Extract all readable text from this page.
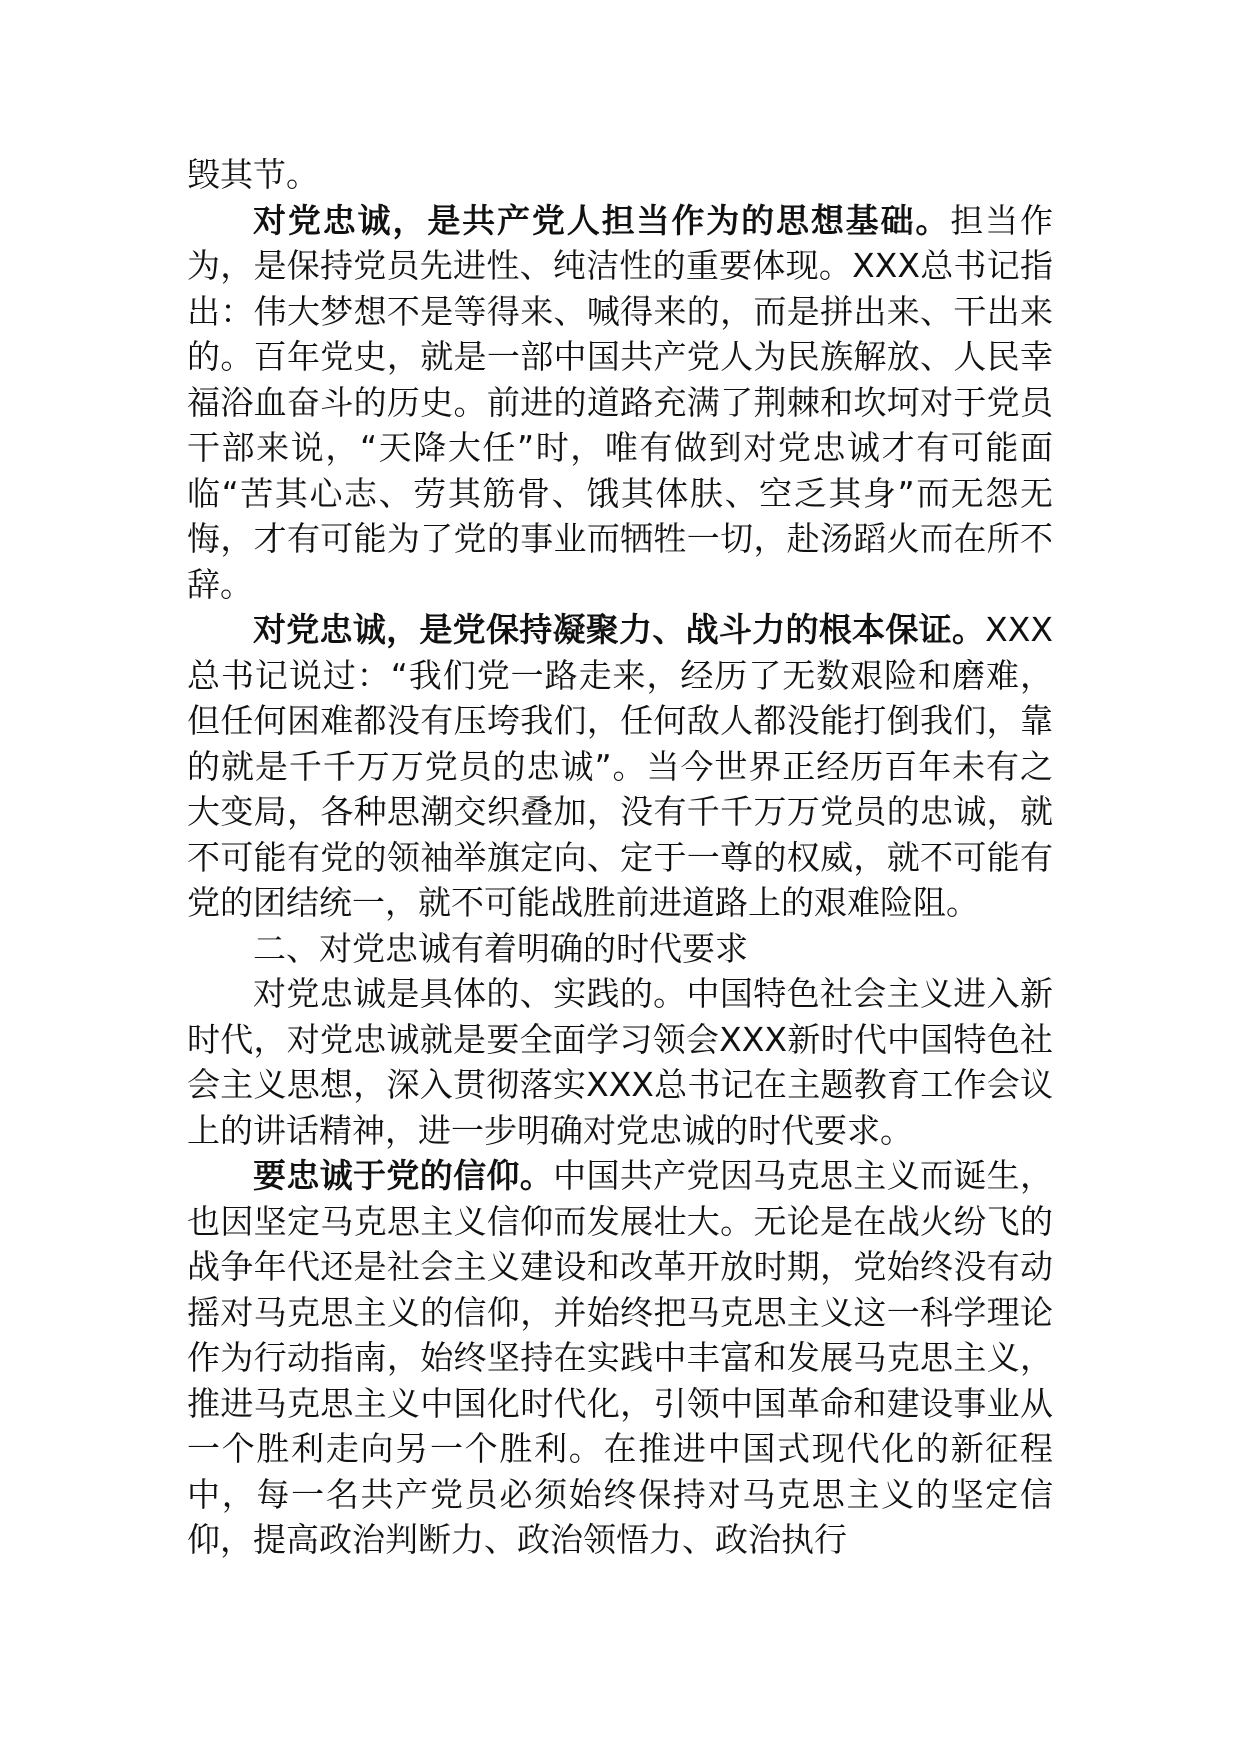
毁其节。

对党忠诚，是共产党人担当作为的思想基础。担当作为，是保持党员先进性、纯洁性的重要体现。XXX总书记指出：伟大梦想不是等得来、喊得来的，而是拼出来、干出来的。百年党史，就是一部中国共产党人为民族解放、人民幸福浴血奋斗的历史。前进的道路充满了荆棘和坎坷对于党员干部来说，“天降大任”时，唯有做到对党忠诚才有可能面临“苦其心志、劳其筋骨、饿其体肤、空乏其身”而无怨无悔，才有可能为了党的事业而牺牲一切，赴汤蹈火而在所不辞。

对党忠诚，是党保持凝聚力、战斗力的根本保证。XXX总书记说过：“我们党一路走来，经历了无数艰险和磨难，但任何困难都没有压垮我们，任何敌人都没能打倒我们，靠的就是千千万万党员的忠诚”。当今世界正经历百年未有之大变局，各种思潮交织叠加，没有千千万万党员的忠诚，就不可能有党的领袖举旗定向、定于一尊的权威，就不可能有党的团结统一，就不可能战胜前进道路上的艰难险阻。

二、对党忠诚有着明确的时代要求

对党忠诚是具体的、实践的。中国特色社会主义进入新时代，对党忠诚就是要全面学习领会XXX新时代中国特色社会主义思想，深入贯彻落实XXX总书记在主题教育工作会议上的讲话精神，进一步明确对党忠诚的时代要求。

要忠诚于党的信仰。中国共产党因马克思主义而诞生，也因坚定马克思主义信仰而发展壮大。无论是在战火纷飞的战争年代还是社会主义建设和改革开放时期，党始终没有动摇对马克思主义的信仰，并始终把马克思主义这一科学理论作为行动指南，始终坚持在实践中丰富和发展马克思主义，推进马克思主义中国化时代化，引领中国革命和建设事业从一个胜利走向另一个胜利。在推进中国式现代化的新征程中，每一名共产党员必须始终保持对马克思主义的坚定信仰，提高政治判断力、政治领悟力、政治执行
